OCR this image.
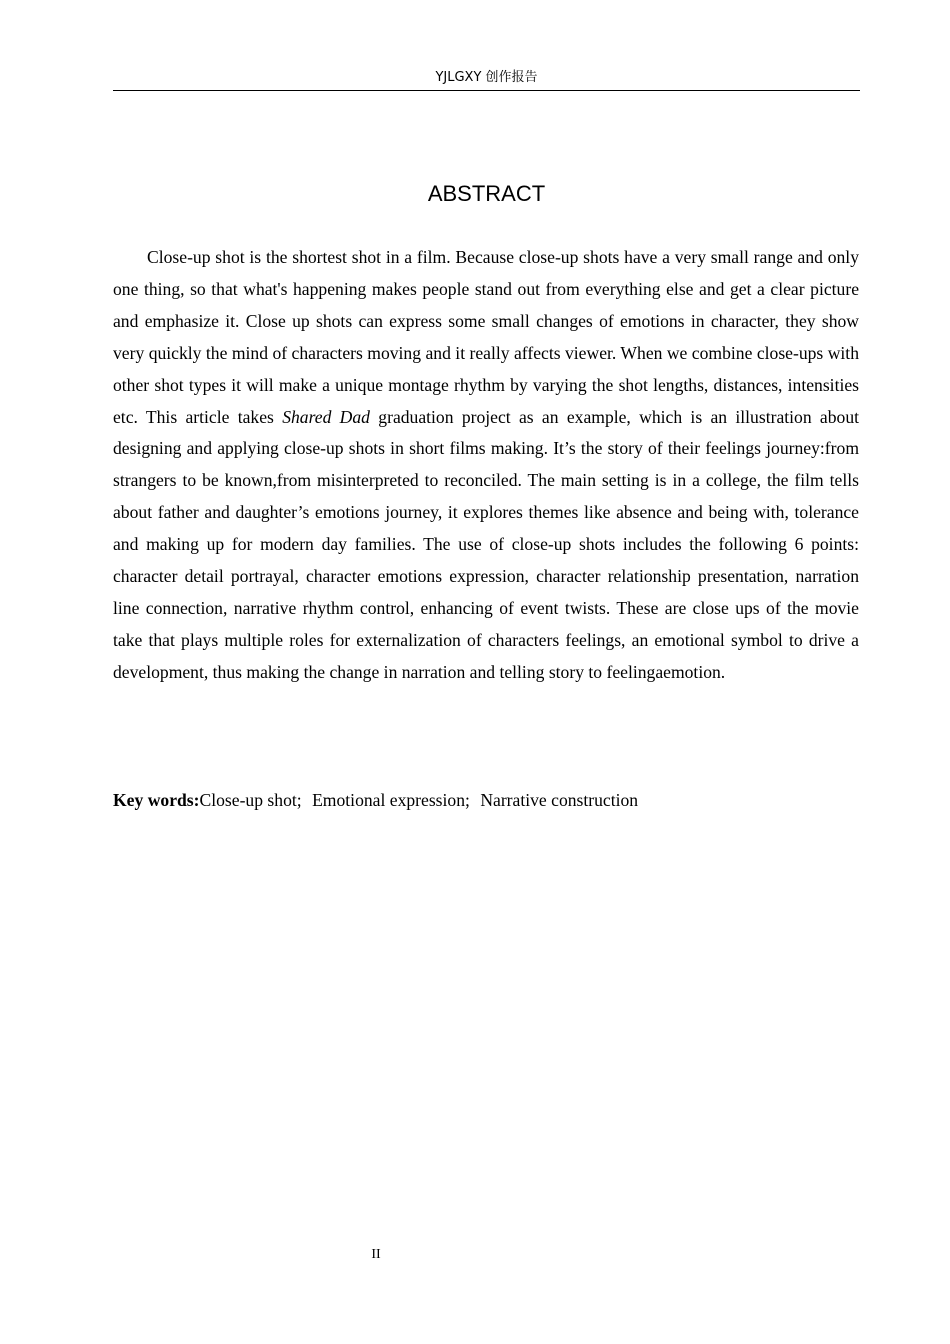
YJLGXY 创作报告
ABSTRACT

Close-up shot is the shortest shot in a film. Because close-up shots have a very small range and only one thing, so that what's happening makes people stand out from everything else and get a clear picture and emphasize it. Close up shots can express some small changes of emotions in character, they show very quickly the mind of characters moving and it really affects viewer. When we combine close-ups with other shot types it will make a unique montage rhythm by varying the shot lengths, distances, intensities etc. This article takes Shared Dad graduation project as an example, which is an illustration about designing and applying close-up shots in short films making. It’s the story of their feelings journey:from strangers to be known,from misinterpreted to reconciled. The main setting is in a college, the film tells about father and daughter’s emotions journey, it explores themes like absence and being with, tolerance and making up for modern day families. The use of close-up shots includes the following 6 points: character detail portrayal, character emotions expression, character relationship presentation, narration line connection, narrative rhythm control, enhancing of event twists. These are close ups of the movie take that plays multiple roles for externalization of characters feelings, an emotional symbol to drive a development, thus making the change in narration and telling story to feelingaemotion.

Key words:Close-up shot; Emotional expression; Narrative construction

II
